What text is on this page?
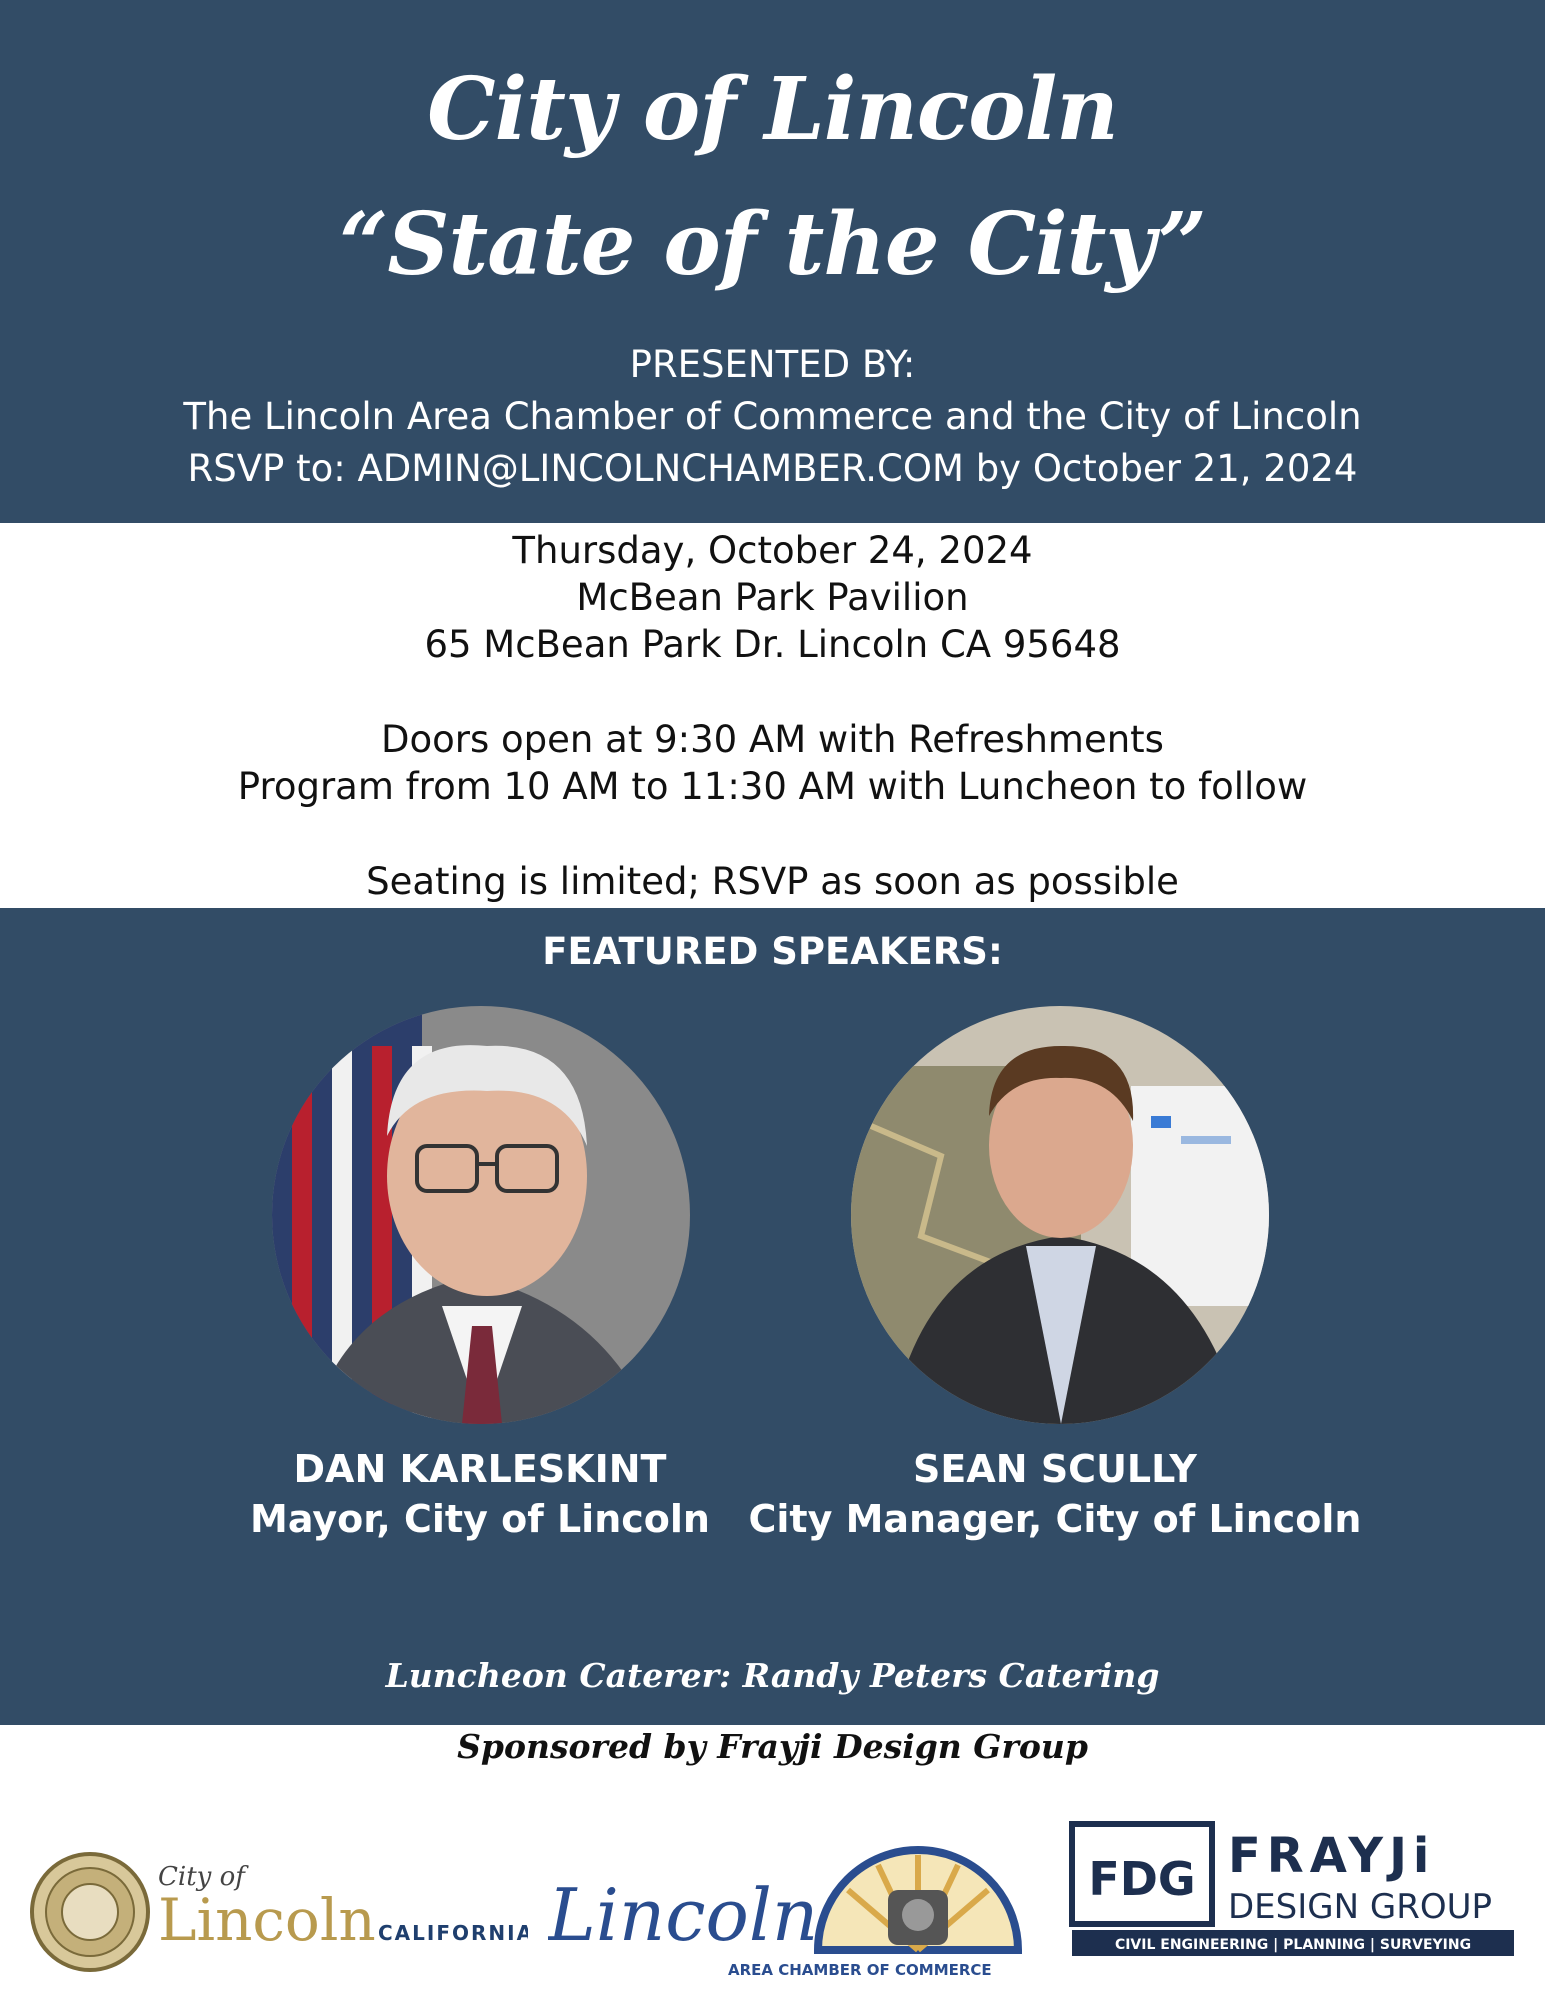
City of Lincoln
“State of the City”
PRESENTED BY:
The Lincoln Area Chamber of Commerce and the City of Lincoln
RSVP to: ADMIN@LINCOLNCHAMBER.COM by October 21, 2024
Thursday, October 24, 2024
McBean Park Pavilion
65 McBean Park Dr. Lincoln CA 95648
Doors open at 9:30 AM with Refreshments
Program from 10 AM to 11:30 AM with Luncheon to follow
Seating is limited; RSVP as soon as possible
FEATURED SPEAKERS:
DAN KARLESKINT
Mayor, City of Lincoln
SEAN SCULLY
City Manager, City of Lincoln
Luncheon Caterer: Randy Peters Catering
Sponsored by Frayji Design Group
City of
Lincoln CALIFORNIA Lincoln
AREA CHAMBER OF COMMERCE
FDG FRAYJi
DESIGN GROUP
CIVIL ENGINEERING | PLANNING | SURVEYING
